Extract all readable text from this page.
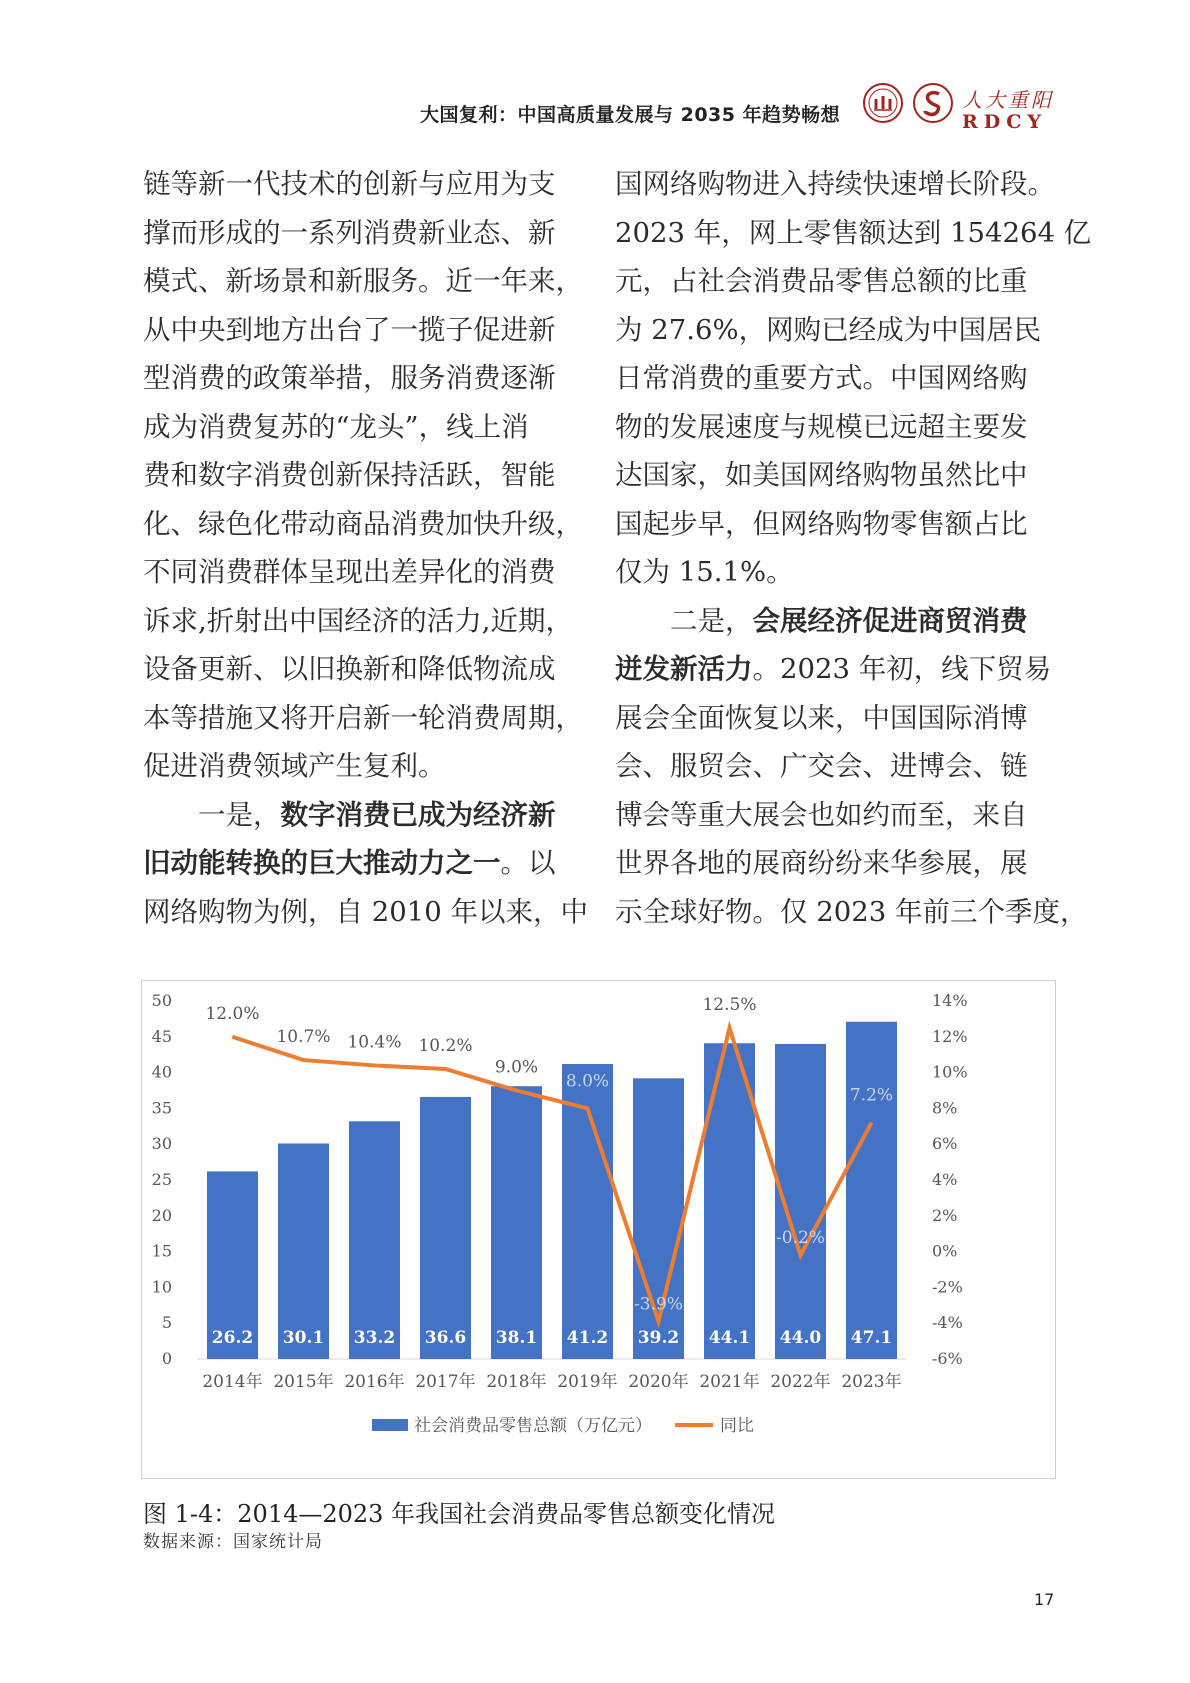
大国复利：中国高质量发展与 2035 年趋势畅想
人大重阳
RDCY

链等新一代技术的创新与应用为支

撑而形成的一系列消费新业态、新

模式、新场景和新服务。近一年来，

从中央到地方出台了一揽子促进新

型消费的政策举措，服务消费逐渐

成为消费复苏的“龙头”，线上消

费和数字消费创新保持活跃，智能

化、绿色化带动商品消费加快升级，

不同消费群体呈现出差异化的消费

诉求,折射出中国经济的活力,近期，

设备更新、以旧换新和降低物流成

本等措施又将开启新一轮消费周期，

促进消费领域产生复利。

　　一是，数字消费已成为经济新

旧动能转换的巨大推动力之一。以

网络购物为例，自 2010 年以来，中

国网络购物进入持续快速增长阶段。

2023 年，网上零售额达到 154264 亿

元，占社会消费品零售总额的比重

为 27.6%，网购已经成为中国居民

日常消费的重要方式。中国网络购

物的发展速度与规模已远超主要发

达国家，如美国网络购物虽然比中

国起步早，但网络购物零售额占比

仅为 15.1%。

　　二是，会展经济促进商贸消费

迸发新活力。2023 年初，线下贸易

展会全面恢复以来，中国国际消博

会、服贸会、广交会、进博会、链

博会等重大展会也如约而至，来自

世界各地的展商纷纷来华参展，展

示全球好物。仅 2023 年前三个季度，

0
5
10
15
20
25
30
35
40
45
50
-6%
-4%
-2%
0%
2%
4%
6%
8%
10%
12%
14%
26.2 30.1 33.2 36.6 38.1 41.2 39.2 44.1 44.0 47.1
12.0%
10.7% 10.4% 10.2%
9.0%
8.0%
-3.9%
12.5%
-0.2%
7.2%
2014年 2015年 2016年 2017年 2018年 2019年 2020年 2021年 2022年 2023年
社会消费品零售总额（万亿元）	同比
图 1-4：2014—2023 年我国社会消费品零售总额变化情况
数据来源：国家统计局
17
